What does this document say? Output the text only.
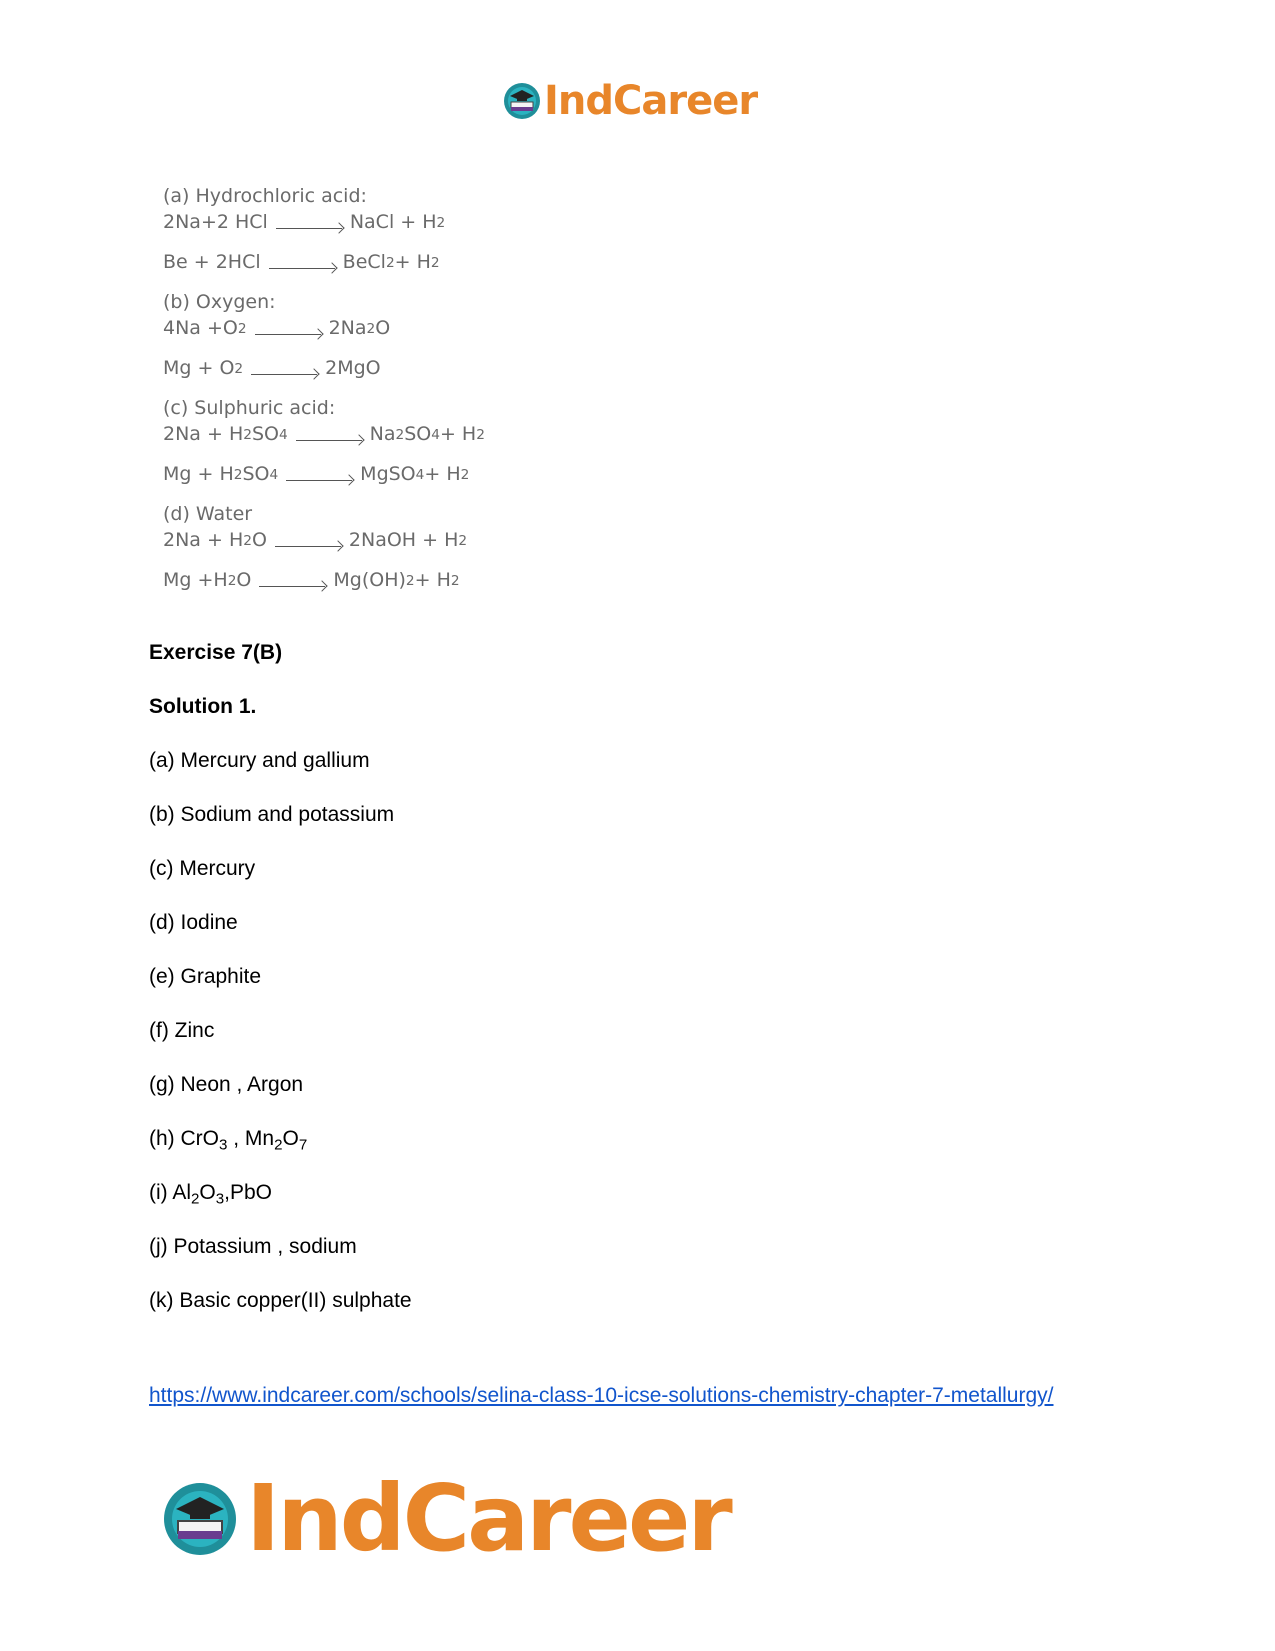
IndCareer
(a) Hydrochloric acid:
2Na+2 HCl	NaCl + H 2
Be + 2HCl	BeCl 2 + H 2
(b) Oxygen:
4Na +O 2	2Na 2 O
Mg + O 2	2MgO
(c) Sulphuric acid:
2Na + H 2 SO 4	Na 2 SO 4 + H 2
Mg + H 2 SO 4	MgSO 4 + H 2
(d) Water
2Na + H 2 O	2NaOH + H 2
Mg +H 2 O	Mg(OH) 2 + H 2
Exercise 7(B)
Solution 1.
(a) Mercury and gallium
(b) Sodium and potassium
(c) Mercury
(d) Iodine
(e) Graphite
(f) Zinc
(g) Neon , Argon
(h) CrO$_3$ , $Mn_2O_7$
(i) $Al_2O_3,PbO$
(j) Potassium , sodium
(k) Basic copper(II) sulphate
https://www.indcareer.com/schools/selina-class-10-icse-solutions-chemistry-chapter-7-metallurgy/
IndCareer
